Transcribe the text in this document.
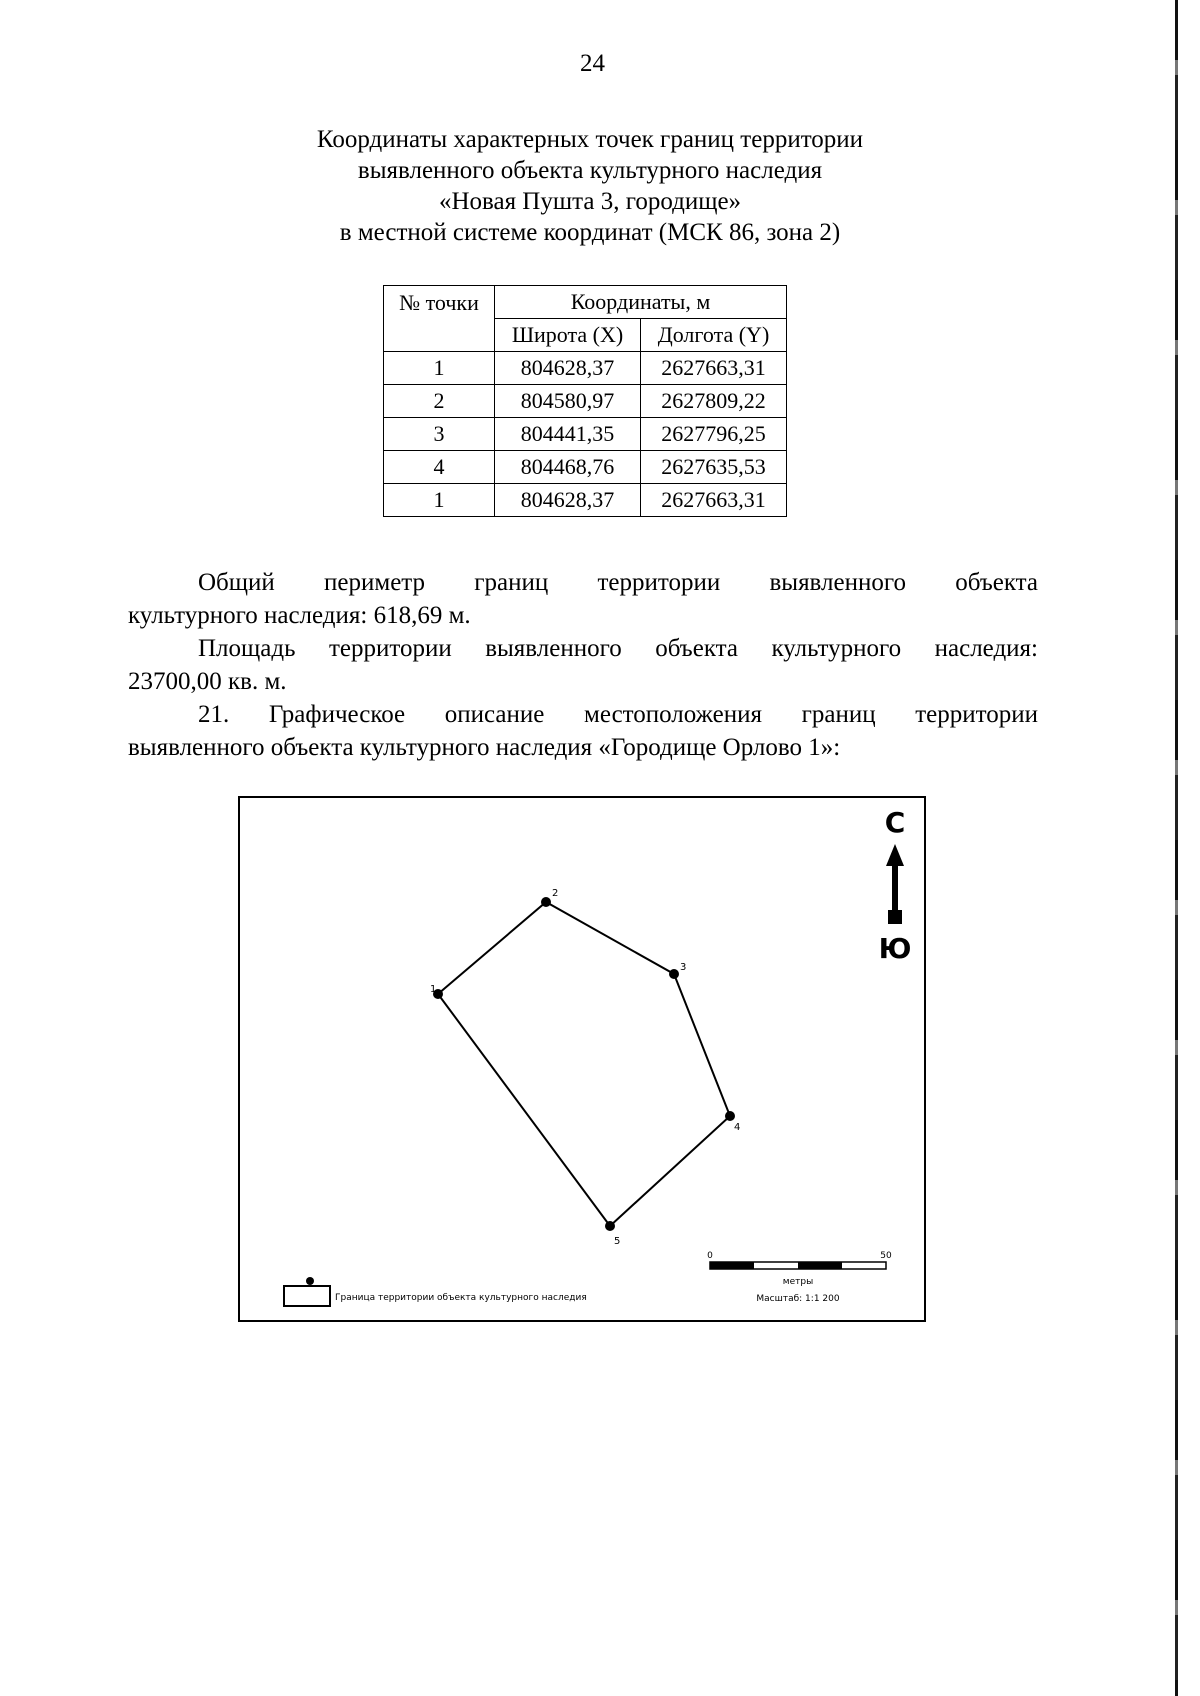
24
Координаты характерных точек границ территории
выявленного объекта культурного наследия
«Новая Пушта 3, городище»
в местной системе координат (МСК 86, зона 2)
№ точки	Координаты, м	
	Широта (X)	Долгота (Y)
1	804628,37	2627663,31
2	804580,97	2627809,22
3	804441,35	2627796,25
4	804468,76	2627635,53
1	804628,37	2627663,31
Общий периметр границ территории выявленного объекта
культурного наследия: 618,69 м.
Площадь территории выявленного объекта культурного наследия:
23700,00 кв. м.
21. Графическое описание местоположения границ территории
выявленного объекта культурного наследия «Городище Орлово 1»:
1
2
3
4
5
С
Ю
Граница территории объекта культурного наследия
0	50
метры
Масштаб: 1:1 200
